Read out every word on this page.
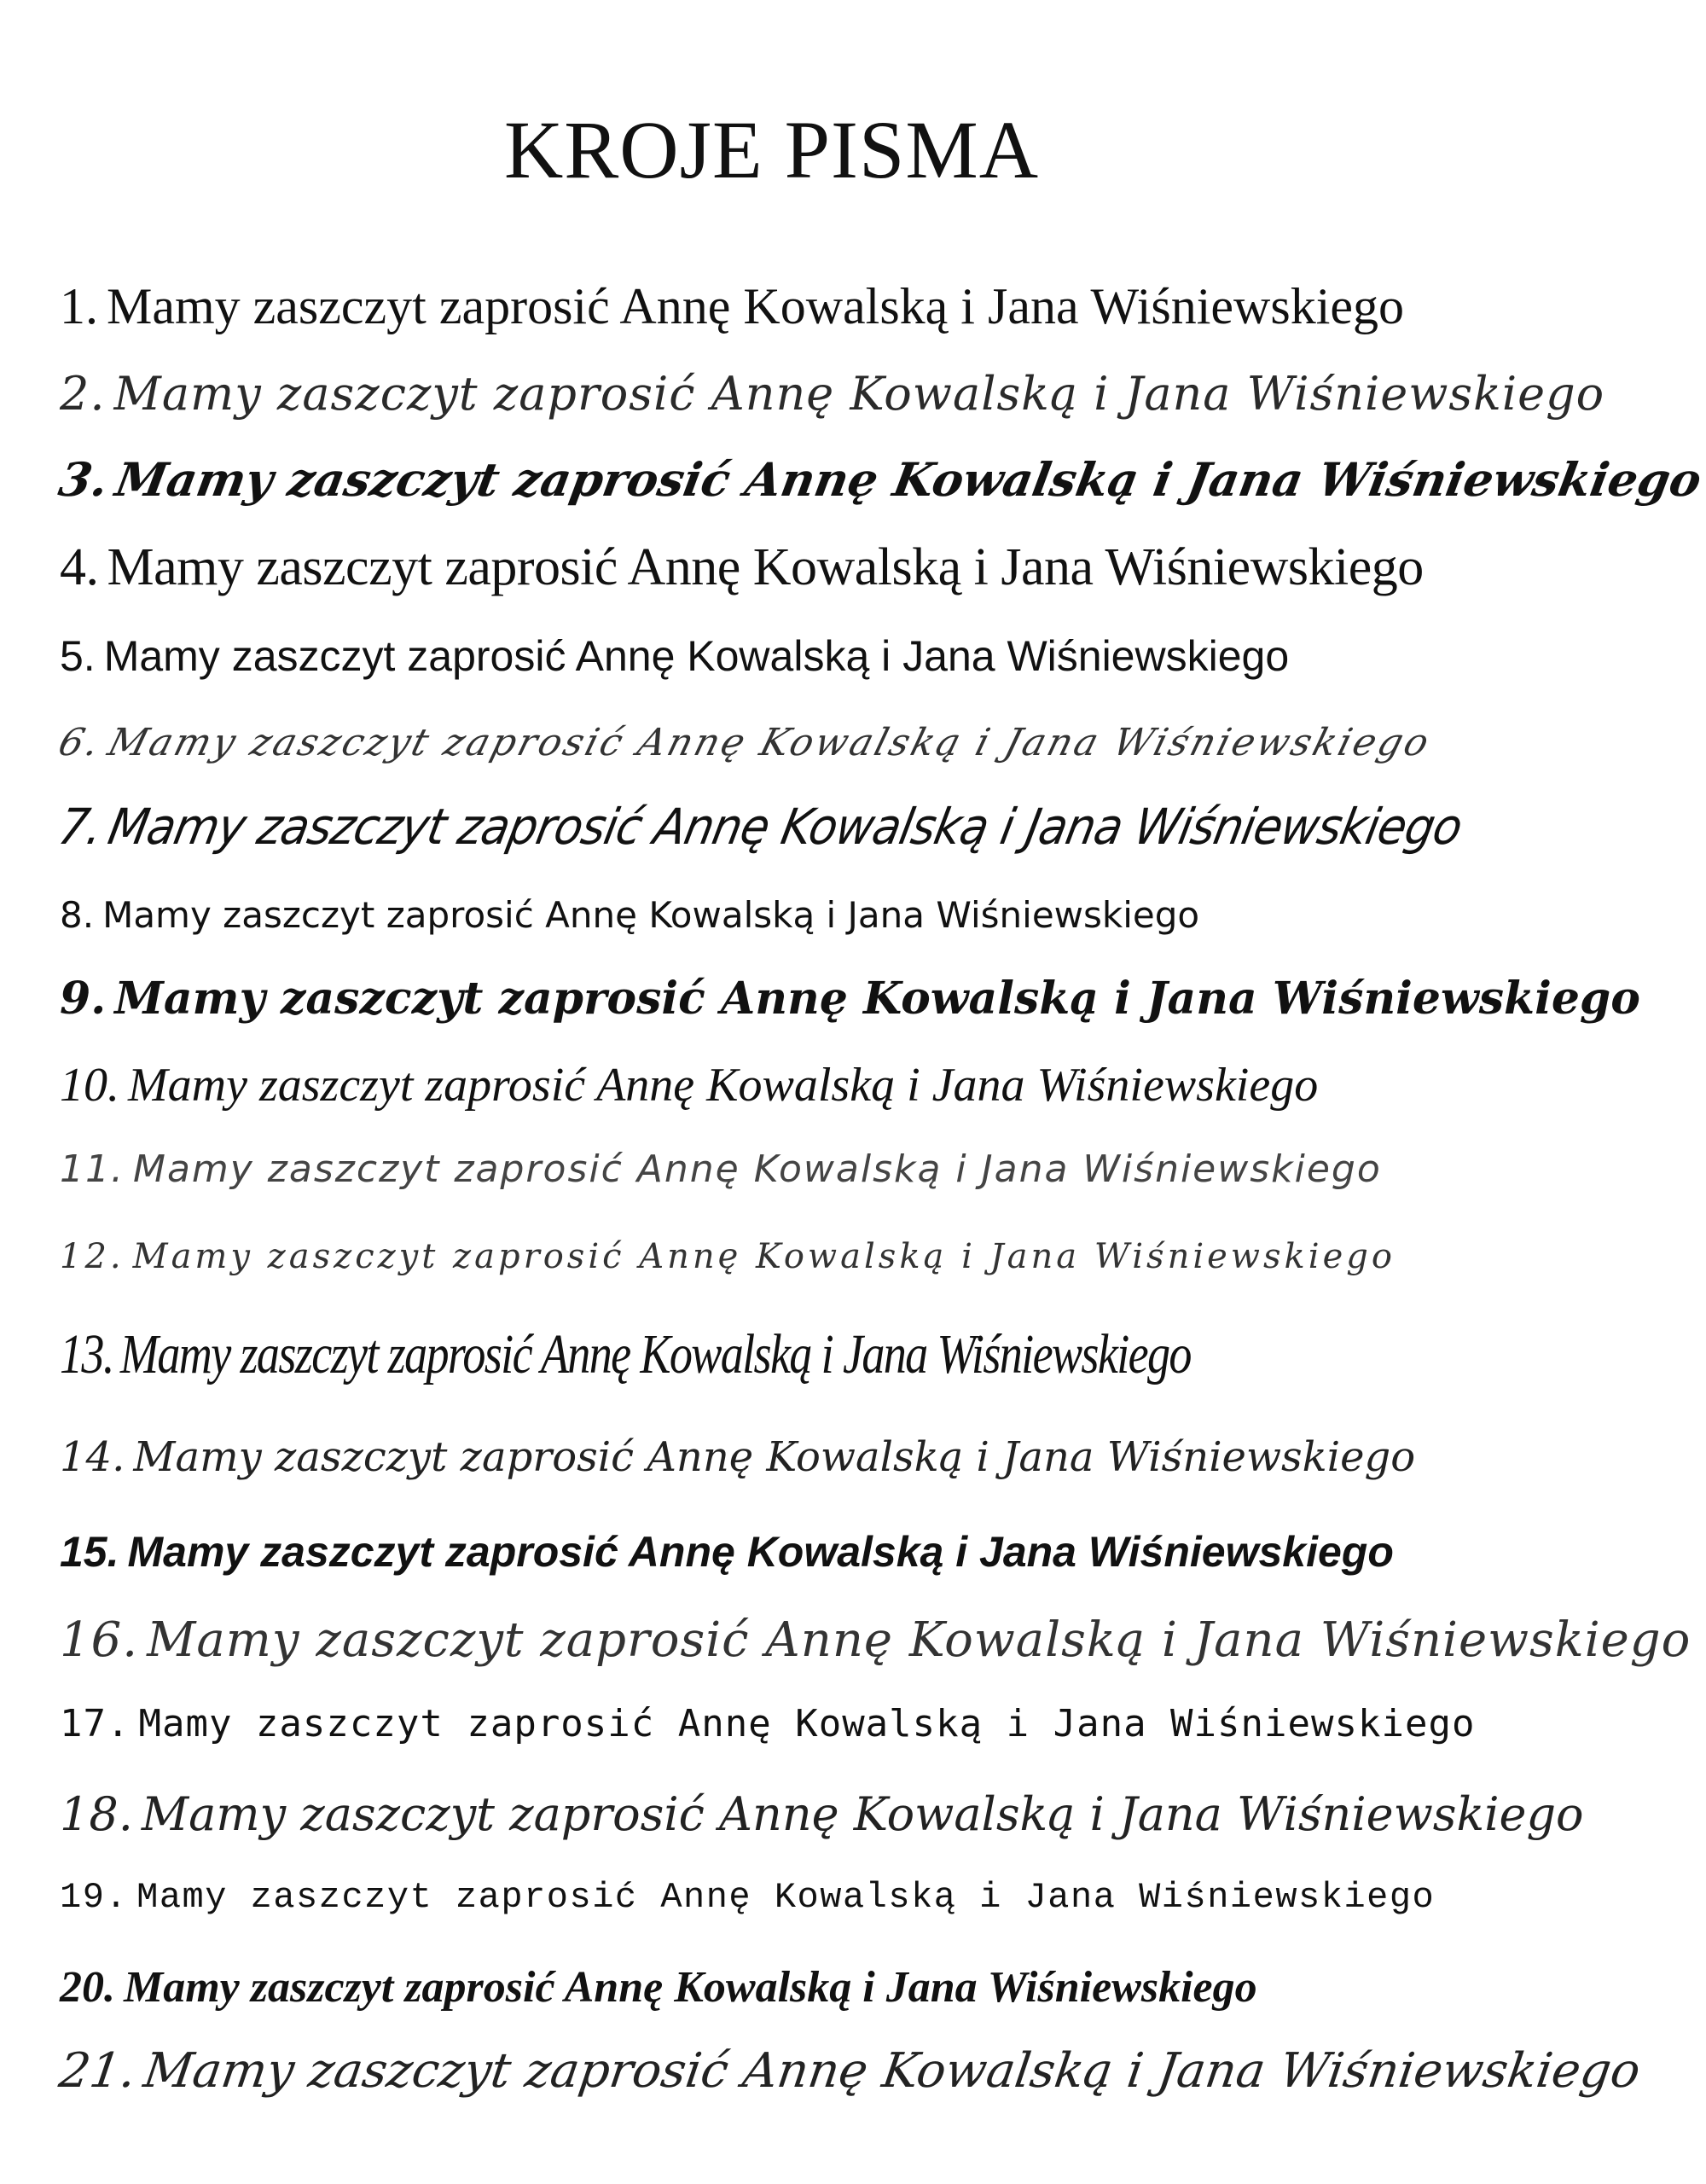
KROJE PISMA
1. Mamy zaszczyt zaprosić Annę Kowalską i Jana Wiśniewskiego
2. Mamy zaszczyt zaprosić Annę Kowalską i Jana Wiśniewskiego
3.Mamy zaszczyt zaprosić Annę Kowalską i Jana Wiśniewskiego
4. Mamy zaszczyt zaprosić Annę Kowalską i Jana Wiśniewskiego
5. Mamy zaszczyt zaprosić Annę Kowalską i Jana Wiśniewskiego
6.Mamy zaszczyt zaprosić Annę Kowalską i Jana Wiśniewskiego
7.Mamy zaszczyt zaprosić Annę Kowalską i Jana Wiśniewskiego
8. Mamy zaszczyt zaprosić Annę Kowalską i Jana Wiśniewskiego
9. Mamy zaszczyt zaprosić Annę Kowalską i Jana Wiśniewskiego
10. Mamy zaszczyt zaprosić Annę Kowalską i Jana Wiśniewskiego
11. Mamy zaszczyt zaprosić Annę Kowalską i Jana Wiśniewskiego
12. Mamy zaszczyt zaprosić Annę Kowalską i Jana Wiśniewskiego
13. Mamy zaszczyt zaprosić Annę Kowalską i Jana Wiśniewskiego
14. Mamy zaszczyt zaprosić Annę Kowalską i Jana Wiśniewskiego
15. Mamy zaszczyt zaprosić Annę Kowalską i Jana Wiśniewskiego
16. Mamy zaszczyt zaprosić Annę Kowalską i Jana Wiśniewskiego
17. Mamy zaszczyt zaprosić Annę Kowalską i Jana Wiśniewskiego
18. Mamy zaszczyt zaprosić Annę Kowalską i Jana Wiśniewskiego
19. Mamy zaszczyt zaprosić Annę Kowalską i Jana Wiśniewskiego
20. Mamy zaszczyt zaprosić Annę Kowalską i Jana Wiśniewskiego
21.Mamy zaszczyt zaprosić Annę Kowalską i Jana Wiśniewskiego
